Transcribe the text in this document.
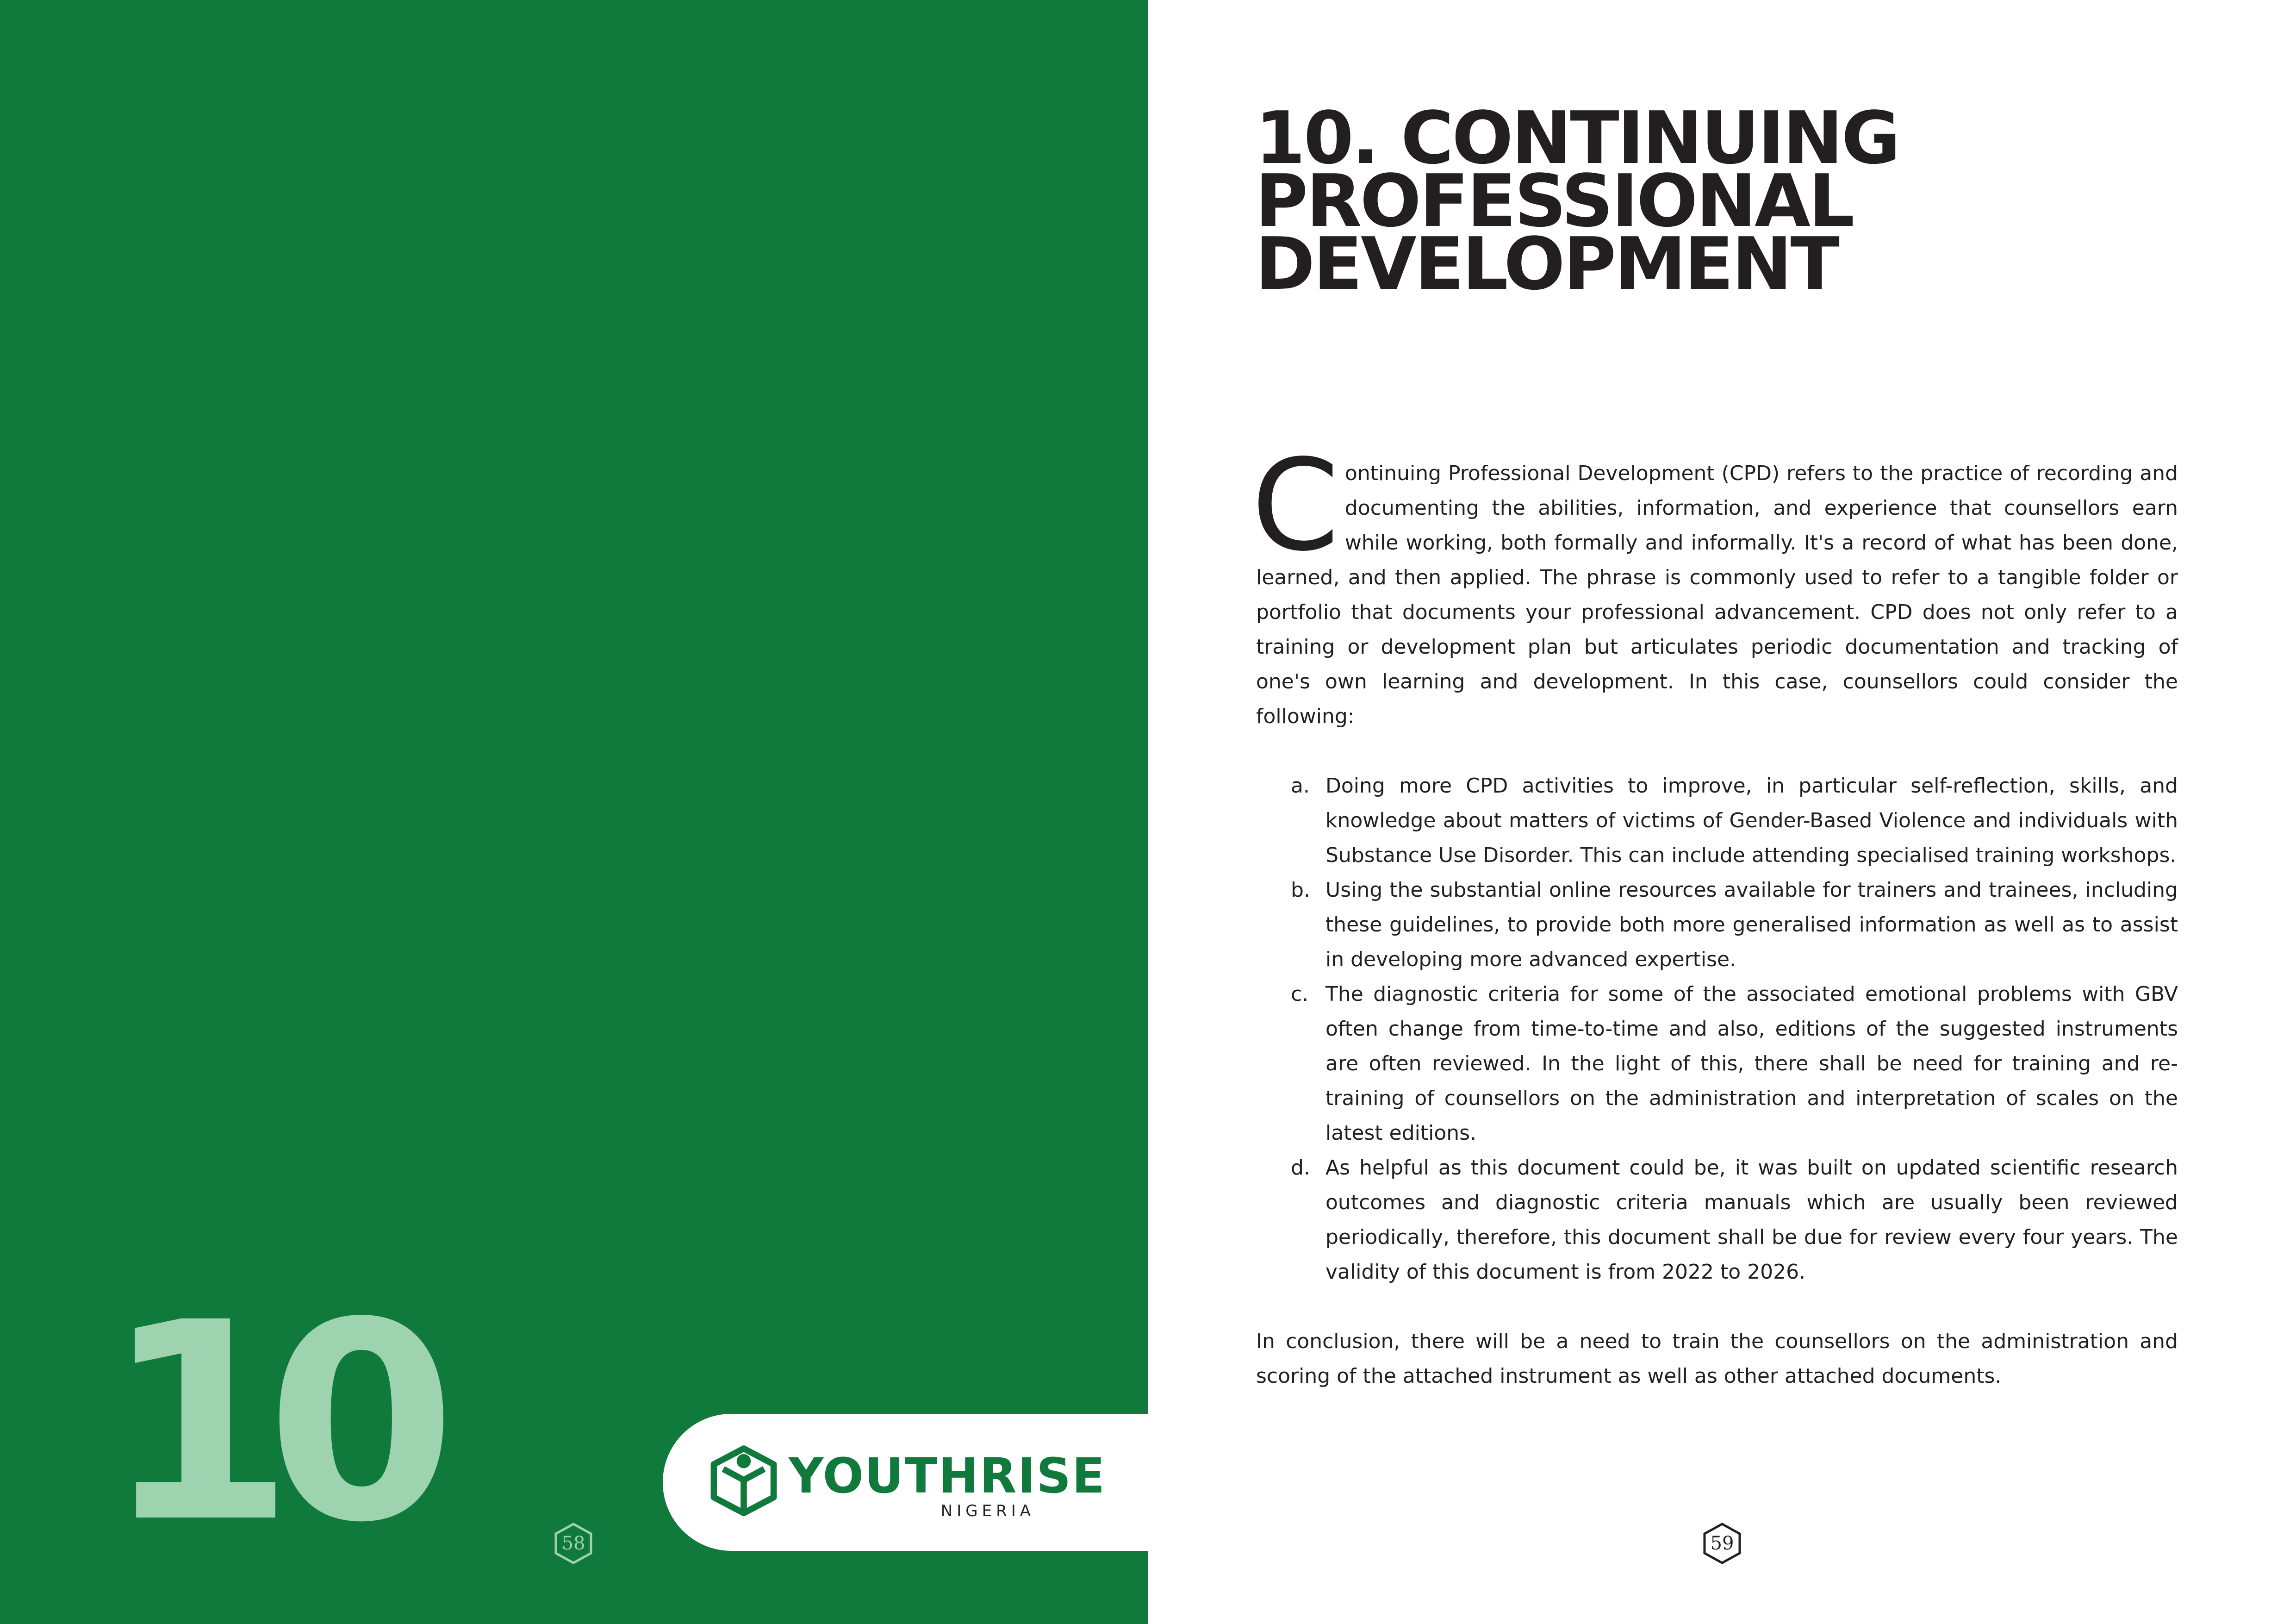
10	YOUTHRISE
NIGERIA
58	59
10. CONTINUING
PROFESSIONAL
DEVELOPMENT

Continuing Professional Development (CPD) refers to the practice of recording and documenting the abilities, information, and experience that counsellors earn while working, both formally and informally. It's a record of what has been done, learned, and then applied. The phrase is commonly used to refer to a tangible folder or portfolio that documents your professional advancement. CPD does not only refer to a training or development plan but articulates periodic documentation and tracking of one's own learning and development. In this case, counsellors could consider the following:

a. Doing more CPD activities to improve, in particular self-reflection, skills, and knowledge about matters of victims of Gender-Based Violence and individuals with Substance Use Disorder. This can include attending specialised training workshops.
b. Using the substantial online resources available for trainers and trainees, including these guidelines, to provide both more generalised information as well as to assist in developing more advanced expertise.
c. The diagnostic criteria for some of the associated emotional problems with GBV often change from time-to-time and also, editions of the suggested instruments are often reviewed. In the light of this, there shall be need for training and re-training of counsellors on the administration and interpretation of scales on the latest editions.
d. As helpful as this document could be, it was built on updated scientific research outcomes and diagnostic criteria manuals which are usually been reviewed periodically, therefore, this document shall be due for review every four years. The validity of this document is from 2022 to 2026.

In conclusion, there will be a need to train the counsellors on the administration and scoring of the attached instrument as well as other attached documents.
